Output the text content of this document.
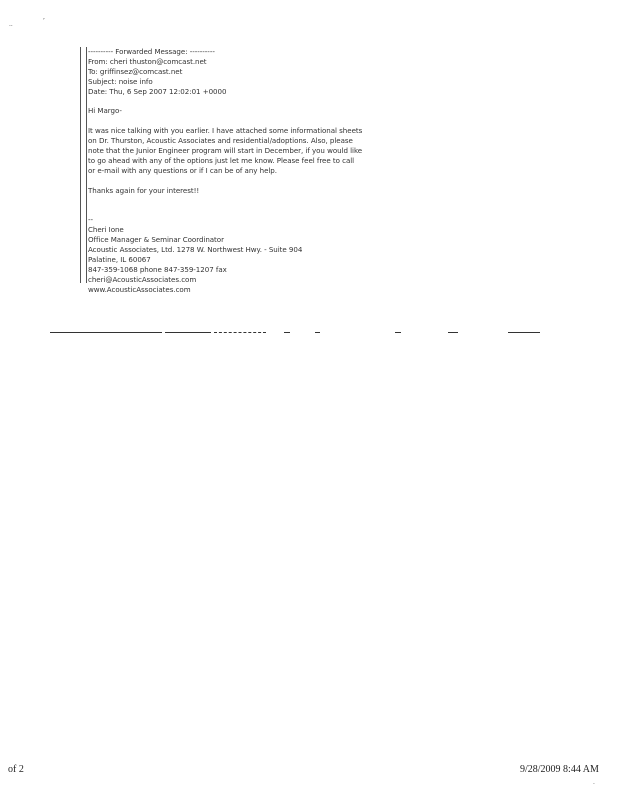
,
..
---------- Forwarded Message: ----------
From: cheri thuston@comcast.net
To: griffinsez@comcast.net
Subject: noise info
Date: Thu, 6 Sep 2007 12:02:01 +0000
Hi Margo-
It was nice talking with you earlier. I have attached some informational sheets
on Dr. Thurston, Acoustic Associates and residential/adoptions. Also, please
note that the Junior Engineer program will start in December, if you would like
to go ahead with any of the options just let me know. Please feel free to call
or e-mail with any questions or if I can be of any help.
Thanks again for your interest!!
--
Cheri Ione
Office Manager & Seminar Coordinator
Acoustic Associates, Ltd. 1278 W. Northwest Hwy. - Suite 904
Palatine, IL 60067
847-359-1068 phone 847-359-1207 fax
cheri@AcousticAssociates.com
www.AcousticAssociates.com
of 2	9/28/2009 8:44 AM
.
